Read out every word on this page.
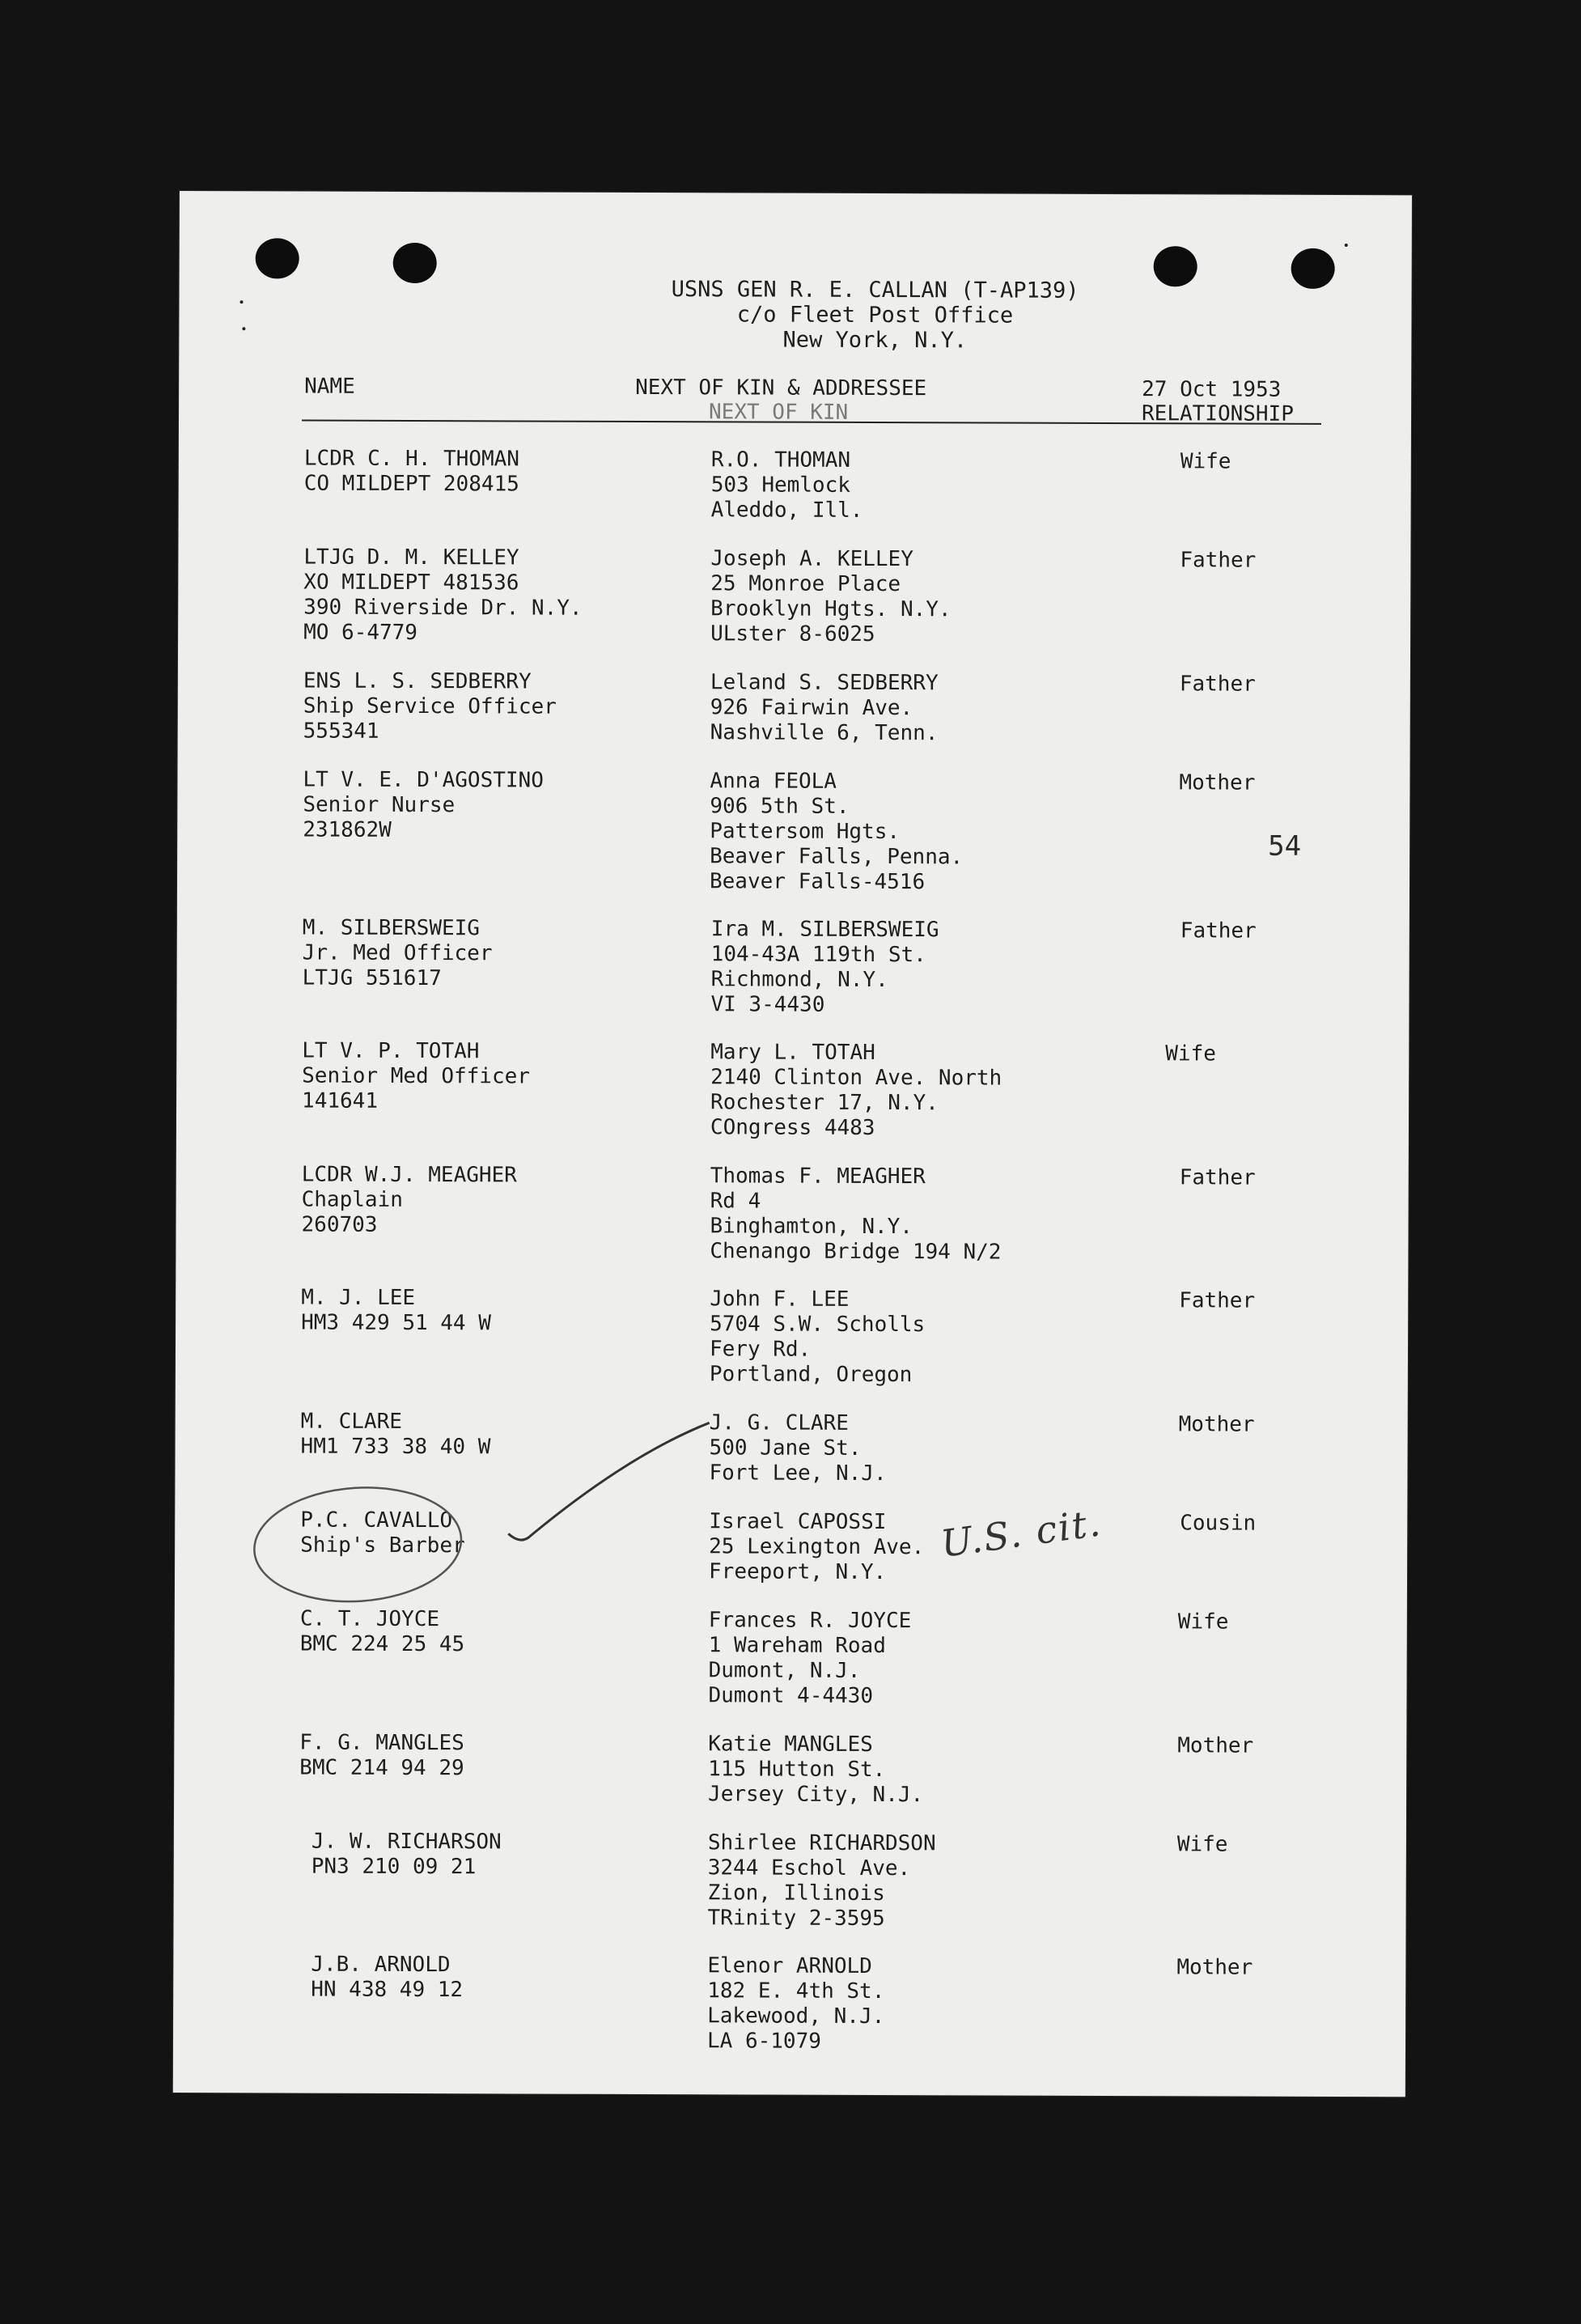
USNS GEN R. E. CALLAN (T-AP139)
c/o Fleet Post Office
New York, N.Y.
NAME	NEXT OF KIN & ADDRESSEE
NEXT OF KIN
27 Oct 1953
RELATIONSHIP
LCDR C. H. THOMAN
CO MILDEPT 208415
R.O. THOMAN
503 Hemlock
Aleddo, Ill.
Wife
LTJG D. M. KELLEY
XO MILDEPT 481536
390 Riverside Dr. N.Y.
MO 6-4779
Joseph A. KELLEY
25 Monroe Place
Brooklyn Hgts. N.Y.
ULster 8-6025
Father
ENS L. S. SEDBERRY
Ship Service Officer
555341
Leland S. SEDBERRY
926 Fairwin Ave.
Nashville 6, Tenn.
Father
LT V. E. D'AGOSTINO
Senior Nurse
231862W
Anna FEOLA
906 5th St.
Pattersom Hgts.
Beaver Falls, Penna.
Beaver Falls-4516
Mother
M. SILBERSWEIG
Jr. Med Officer
LTJG 551617
Ira M. SILBERSWEIG
104-43A 119th St.
Richmond, N.Y.
VI 3-4430
Father
LT V. P. TOTAH
Senior Med Officer
141641
Mary L. TOTAH
2140 Clinton Ave. North
Rochester 17, N.Y.
COngress 4483
Wife
LCDR W.J. MEAGHER
Chaplain
260703
Thomas F. MEAGHER
Rd 4
Binghamton, N.Y.
Chenango Bridge 194 N/2
Father
M. J. LEE
HM3 429 51 44 W
John F. LEE
5704 S.W. Scholls
Fery Rd.
Portland, Oregon
Father
M. CLARE
HM1 733 38 40 W
J. G. CLARE
500 Jane St.
Fort Lee, N.J.
Mother
P.C. CAVALLO
Ship's Barber
Israel CAPOSSI
25 Lexington Ave.
Freeport, N.Y.
Cousin
C. T. JOYCE
BMC 224 25 45
Frances R. JOYCE
1 Wareham Road
Dumont, N.J.
Dumont 4-4430
Wife
F. G. MANGLES
BMC 214 94 29
Katie MANGLES
115 Hutton St.
Jersey City, N.J.
Mother
J. W. RICHARSON
PN3 210 09 21
Shirlee RICHARDSON
3244 Eschol Ave.
Zion, Illinois
TRinity 2-3595
Wife
J.B. ARNOLD
HN 438 49 12
Elenor ARNOLD
182 E. 4th St.
Lakewood, N.J.
LA 6-1079
Mother
54
U.S. cit.
